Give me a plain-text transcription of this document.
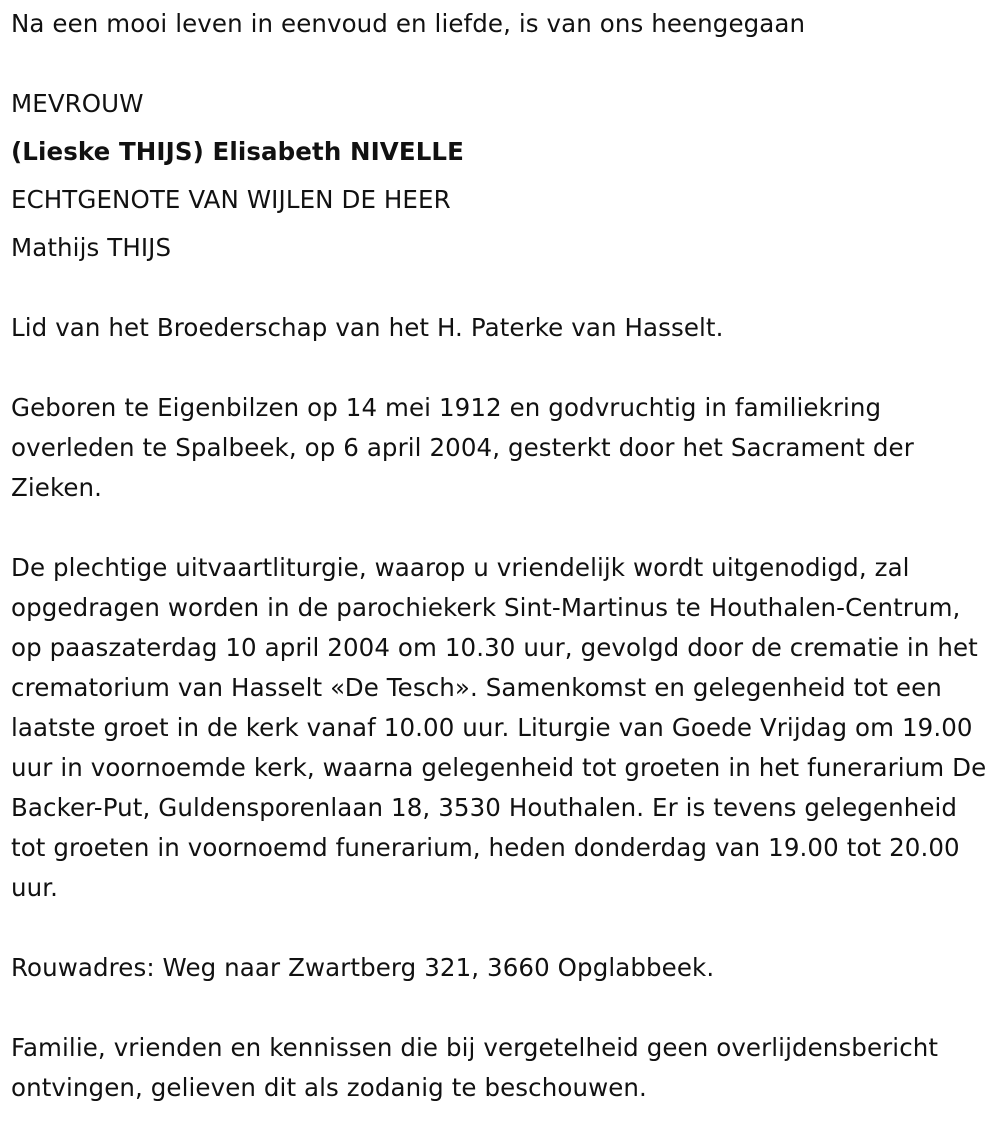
Na een mooi leven in eenvoud en liefde, is van ons heengegaan

MEVROUW

(Lieske THIJS) Elisabeth NIVELLE

ECHTGENOTE VAN WIJLEN DE HEER

Mathijs THIJS

Lid van het Broederschap van het H. Paterke van Hasselt.

Geboren te Eigenbilzen op 14 mei 1912 en godvruchtig in familiekring overleden te Spalbeek, op 6 april 2004, gesterkt door het Sacrament der Zieken.

De plechtige uitvaartliturgie, waarop u vriendelijk wordt uitgenodigd, zal opgedragen worden in de parochiekerk Sint-Martinus te Houthalen-Centrum, op paaszaterdag 10 april 2004 om 10.30 uur, gevolgd door de crematie in het crematorium van Hasselt «De Tesch». Samenkomst en gelegenheid tot een laatste groet in de kerk vanaf 10.00 uur. Liturgie van Goede Vrijdag om 19.00 uur in voornoemde kerk, waarna gelegenheid tot groeten in het funerarium De Backer-Put, Guldensporenlaan 18, 3530 Houthalen. Er is tevens gelegenheid tot groeten in voornoemd funerarium, heden donderdag van 19.00 tot 20.00 uur.

Rouwadres: Weg naar Zwartberg 321, 3660 Opglabbeek.

Familie, vrienden en kennissen die bij vergetelheid geen overlijdensbericht ontvingen, gelieven dit als zodanig te beschouwen.
